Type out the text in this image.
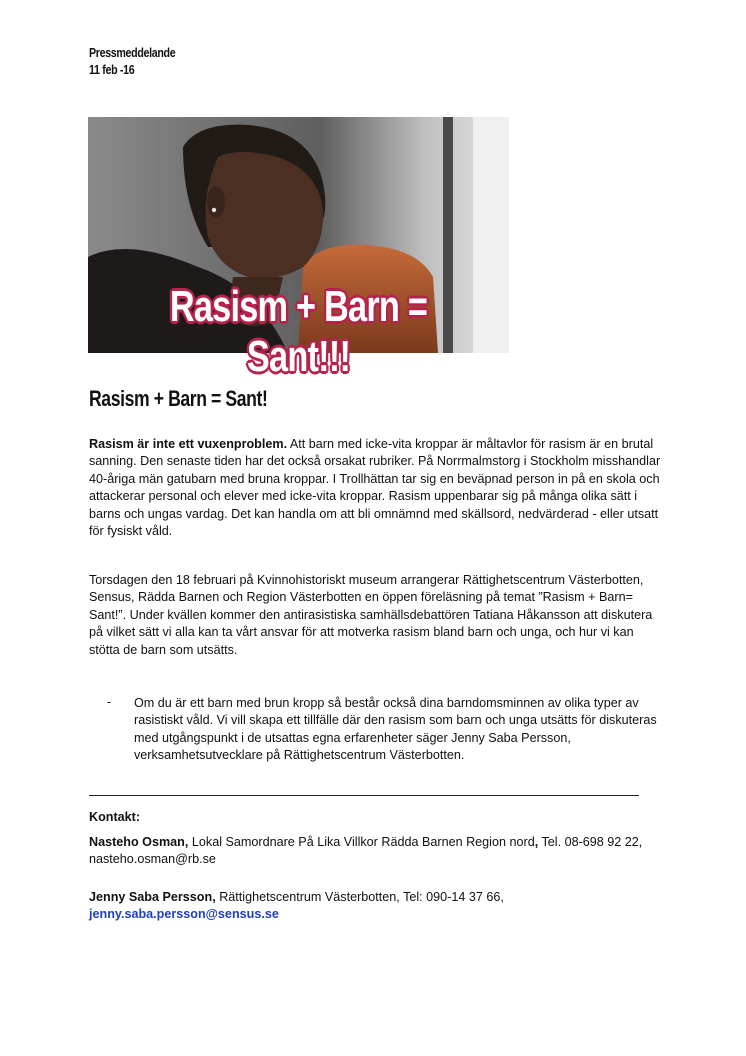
Pressmeddelande
11 feb -16
Rasism + Barn = Sant!!!
Rasism + Barn = Sant!
Rasism är inte ett vuxenproblem. Att barn med icke-vita kroppar är måltavlor för rasism är en brutal sanning. Den senaste tiden har det också orsakat rubriker. På Norrmalmstorg i Stockholm misshandlar 40-åriga män gatubarn med bruna kroppar. I Trollhättan tar sig en beväpnad person in på en skola och attackerar personal och elever med icke-vita kroppar. Rasism uppenbarar sig på många olika sätt i barns och ungas vardag. Det kan handla om att bli omnämnd med skällsord, nedvärderad - eller utsatt för fysiskt våld.
Torsdagen den 18 februari på Kvinnohistoriskt museum arrangerar Rättighetscentrum Västerbotten, Sensus, Rädda Barnen och Region Västerbotten en öppen föreläsning på temat ”Rasism + Barn= Sant!”. Under kvällen kommer den antirasistiska samhällsdebattören Tatiana Håkansson att diskutera på vilket sätt vi alla kan ta vårt ansvar för att motverka rasism bland barn och unga, och hur vi kan stötta de barn som utsätts.
- Om du är ett barn med brun kropp så består också dina barndomsminnen av olika typer av rasistiskt våld. Vi vill skapa ett tillfälle där den rasism som barn och unga utsätts för diskuteras med utgångspunkt i de utsattas egna erfarenheter säger Jenny Saba Persson, verksamhetsutvecklare på Rättighetscentrum Västerbotten.
Kontakt:
Nasteho Osman, Lokal Samordnare På Lika Villkor Rädda Barnen Region nord, Tel. 08-698 92 22, nasteho.osman@rb.se
Jenny Saba Persson, Rättighetscentrum Västerbotten, Tel: 090-14 37 66,
jenny.saba.persson@sensus.se
